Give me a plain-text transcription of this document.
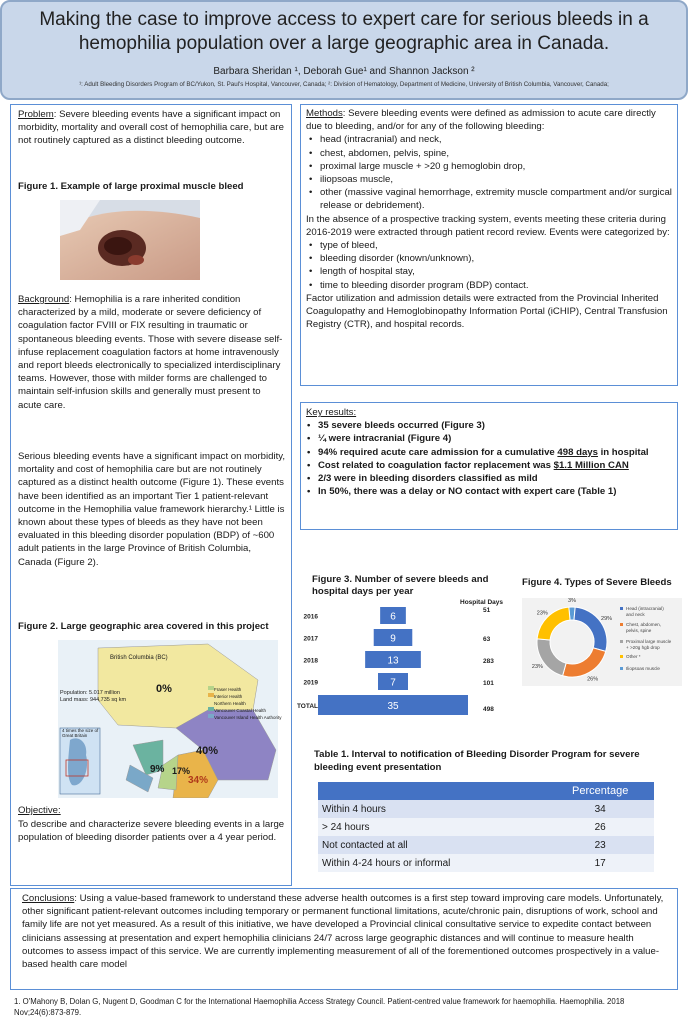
Making the case to improve access to expert care for serious bleeds in a hemophilia population over a large geographic area in Canada.
Barbara Sheridan ¹, Deborah Gue¹ and Shannon Jackson ²
¹: Adult Bleeding Disorders Program of BC/Yukon, St. Paul's Hospital, Vancouver, Canada; ²: Division of Hematology, Department of Medicine, University of British Columbia, Vancouver, Canada;

Problem: Severe bleeding events have a significant impact on morbidity, mortality and overall cost of hemophilia care, but are not routinely captured as a distinct bleeding outcome.

Figure 1. Example of large proximal muscle bleed

Background: Hemophilia is a rare inherited condition characterized by a mild, moderate or severe deficiency of coagulation factor FVIII or FIX resulting in traumatic or spontaneous bleeding events. Those with severe disease self-infuse replacement coagulation factors at home intravenously and report bleeds electronically to specialized interdisciplinary teams. However, those with milder forms are challenged to maintain self-infusion skills and generally must present to acute care.

Serious bleeding events have a significant impact on morbidity, mortality and cost of hemophilia care but are not routinely captured as a distinct health outcome (Figure 1). These events have been identified as an important Tier 1 patient-relevant outcome in the Hemophilia value framework hierarchy.¹ Little is known about these types of bleeds as they have not been evaluated in this bleeding disorder population (BDP) of ~600 adult patients in the large Province of British Columbia, Canada (Figure 2).
Figure 2. Large geographic area covered in this project
British Columbia (BC)
Population: 5.017 million
Land mass: 944,735 sq km
4 times the size of Great Britain
Fraser Health
Interior Health
Northern Health
Vancouver Coastal Health
Vancouver Island Health Authority
0%
40%
9% 17%
34%
Objective:
To describe and characterize severe bleeding events in a large population of bleeding disorder patients over a 4 year period.

Methods: Severe bleeding events were defined as admission to acute care directly due to bleeding, and/or for any of the following bleeding:

• head (intracranial) and neck,
• chest, abdomen, pelvis, spine,
• proximal large muscle + >20 g hemoglobin drop,
• iliopsoas muscle,
• other (massive vaginal hemorrhage, extremity muscle compartment and/or surgical release or debridement).

In the absence of a prospective tracking system, events meeting these criteria during 2016-2019 were extracted through patient record review. Events were categorized by:

• type of bleed,
• bleeding disorder (known/unknown),
• length of hospital stay,
• time to bleeding disorder program (BDP) contact.

Factor utilization and admission details were extracted from the Provincial Inherited Coagulopathy and Hemoglobinopathy Information Portal (iCHIP), Central Transfusion Registry (CTR), and hospital records.

Key results:
• 35 severe bleeds occurred (Figure 3)
• ¼ were intracranial (Figure 4)
• 94% required acute care admission for a cumulative 498 days in hospital
• Cost related to coagulation factor replacement was $1.1 Million CAN
• 2/3 were in bleeding disorders classified as mild
• In 50%, there was a delay or NO contact with expert care (Table 1)
Figure 3. Number of severe bleeds and hospital days per year
Hospital Days
6
2016
51
9
2017	63
13
2018	283
7
2019	101
35
TOTAL	498
Figure 4. Types of Severe Bleeds
3%
29%
26%
23%
23%
Head (intracranial)
and neck
Chest, abdomen,
pelvis, spine
Proximal large muscle
+ >20g hgb drop
Other *
Iliopsoas muscle
Table 1. Interval to notification of Bleeding Disorder Program for severe bleeding event presentation
	Percentage
Within 4 hours	34
> 24 hours	26
Not contacted at all	23
Within 4-24 hours or informal	17

Conclusions: Using a value-based framework to understand these adverse health outcomes is a first step toward improving care models. Unfortunately, other significant patient-relevant outcomes including temporary or permanent functional limitations, acute/chronic pain, disruptions of work, school and family life are not yet measured. As a result of this initiative, we have developed a Provincial clinical consultative service to expedite contact between clinicians assessing at presentation and expert hemophilia clinicians 24/7 across large geographic distances and will continue to measure health outcomes to assess impact of this service. We are currently implementing measurement of all of the forementioned outcomes prospectively in a value-based health care model

1. O'Mahony B, Dolan G, Nugent D, Goodman C for the International Haemophilia Access Strategy Council. Patient-centred value framework for haemophilia. Haemophilia. 2018 Nov;24(6):873-879.
